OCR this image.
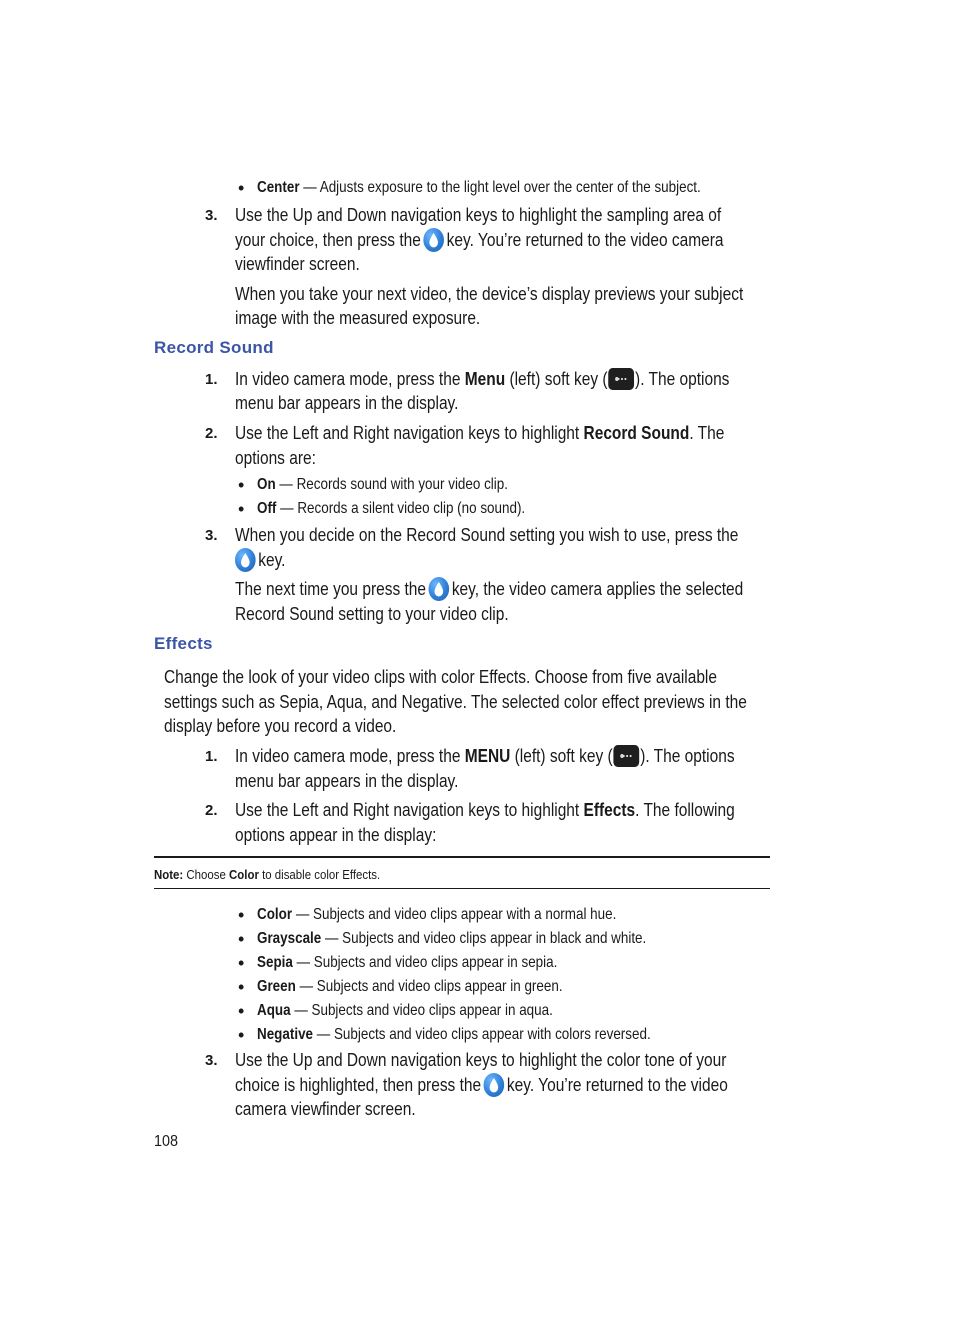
• Center — Adjusts exposure to the light level over the center of the subject.
3. Use the Up and Down navigation keys to highlight the sampling area of
your choice, then press the key. You’re returned to the video camera
viewfinder screen.
When you take your next video, the device’s display previews your subject
image with the measured exposure.
Record Sound
1. In video camera mode, press the Menu (left) soft key ( ). The options
menu bar appears in the display.
2. Use the Left and Right navigation keys to highlight Record Sound. The
options are:
• On — Records sound with your video clip.
• Off — Records a silent video clip (no sound).
3. When you decide on the Record Sound setting you wish to use, press the
key.
The next time you press the key, the video camera applies the selected
Record Sound setting to your video clip.
Effects
Change the look of your video clips with color Effects. Choose from five available
settings such as Sepia, Aqua, and Negative. The selected color effect previews in the
display before you record a video.
1. In video camera mode, press the MENU (left) soft key ( ). The options
menu bar appears in the display.
2. Use the Left and Right navigation keys to highlight Effects. The following
options appear in the display:
Note: Choose Color to disable color Effects.
• Color — Subjects and video clips appear with a normal hue.
• Grayscale — Subjects and video clips appear in black and white.
• Sepia — Subjects and video clips appear in sepia.
• Green — Subjects and video clips appear in green.
• Aqua — Subjects and video clips appear in aqua.
• Negative — Subjects and video clips appear with colors reversed.
3. Use the Up and Down navigation keys to highlight the color tone of your
choice is highlighted, then press the key. You’re returned to the video
camera viewfinder screen.
108
